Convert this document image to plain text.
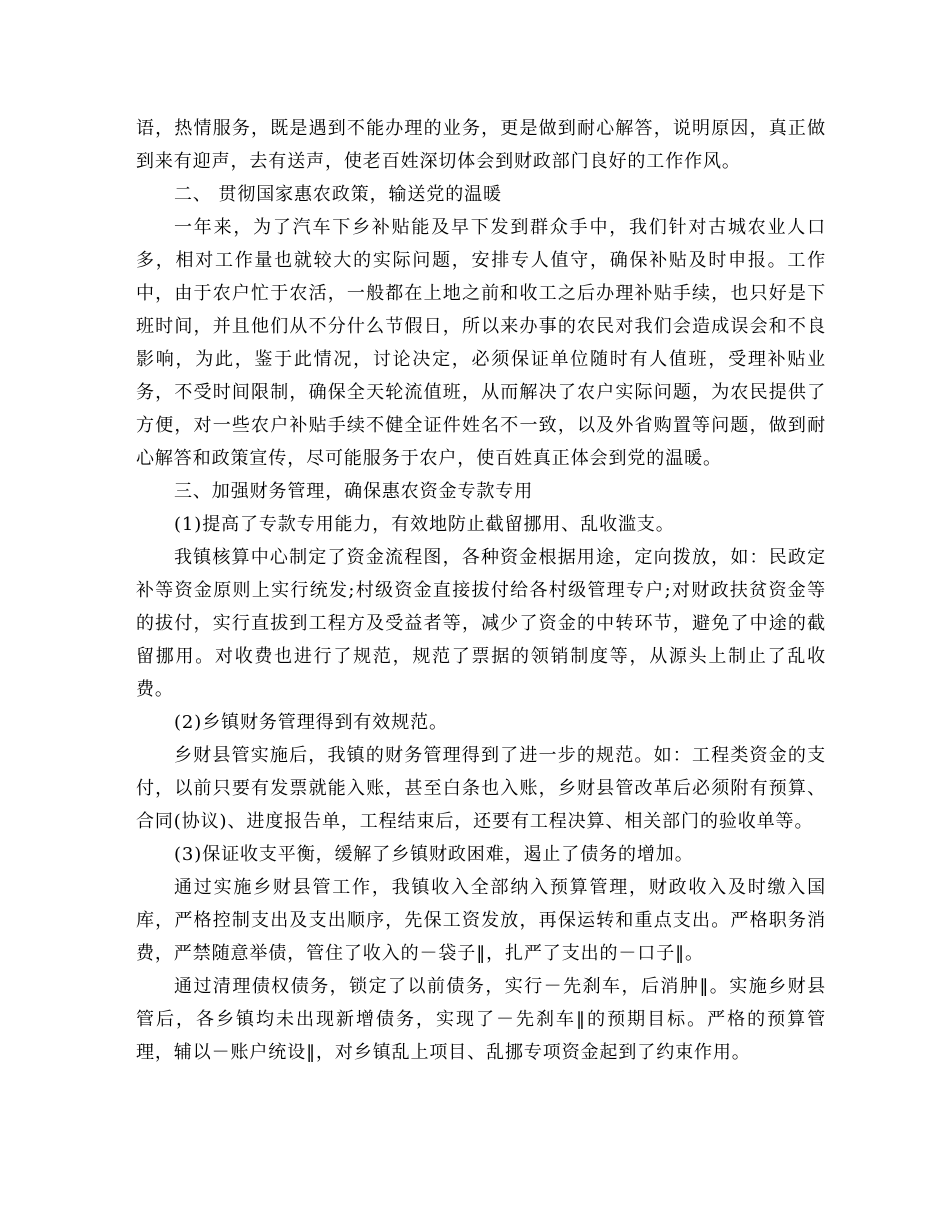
语，热情服务，既是遇到不能办理的业务，更是做到耐心解答，说明原因，真正做到来有迎声，去有送声，使老百姓深切体会到财政部门良好的工作作风。

二、 贯彻国家惠农政策，输送党的温暖

一年来，为了汽车下乡补贴能及早下发到群众手中，我们针对古城农业人口多，相对工作量也就较大的实际问题，安排专人值守，确保补贴及时申报。工作中，由于农户忙于农活，一般都在上地之前和收工之后办理补贴手续，也只好是下班时间，并且他们从不分什么节假日，所以来办事的农民对我们会造成误会和不良影响，为此，鉴于此情况，讨论决定，必须保证单位随时有人值班，受理补贴业务，不受时间限制，确保全天轮流值班，从而解决了农户实际问题，为农民提供了方便，对一些农户补贴手续不健全证件姓名不一致，以及外省购置等问题，做到耐心解答和政策宣传，尽可能服务于农户，使百姓真正体会到党的温暖。

三、加强财务管理，确保惠农资金专款专用

(1)提高了专款专用能力，有效地防止截留挪用、乱收滥支。

我镇核算中心制定了资金流程图，各种资金根据用途，定向拨放，如：民政定补等资金原则上实行统发;村级资金直接拔付给各村级管理专户;对财政扶贫资金等的拔付，实行直拔到工程方及受益者等，减少了资金的中转环节，避免了中途的截留挪用。对收费也进行了规范，规范了票据的领销制度等，从源头上制止了乱收费。

(2)乡镇财务管理得到有效规范。

乡财县管实施后，我镇的财务管理得到了进一步的规范。如：工程类资金的支付，以前只要有发票就能入账，甚至白条也入账，乡财县管改革后必须附有预算、合同(协议)、进度报告单，工程结束后，还要有工程决算、相关部门的验收单等。

(3)保证收支平衡，缓解了乡镇财政困难，遏止了债务的增加。

通过实施乡财县管工作，我镇收入全部纳入预算管理，财政收入及时缴入国库，严格控制支出及支出顺序，先保工资发放，再保运转和重点支出。严格职务消费，严禁随意举债，管住了收入的－袋子‖，扎严了支出的－口子‖。

通过清理债权债务，锁定了以前债务，实行－先刹车，后消肿‖。实施乡财县管后，各乡镇均未出现新增债务，实现了－先刹车‖的预期目标。严格的预算管理，辅以－账户统设‖，对乡镇乱上项目、乱挪专项资金起到了约束作用。
